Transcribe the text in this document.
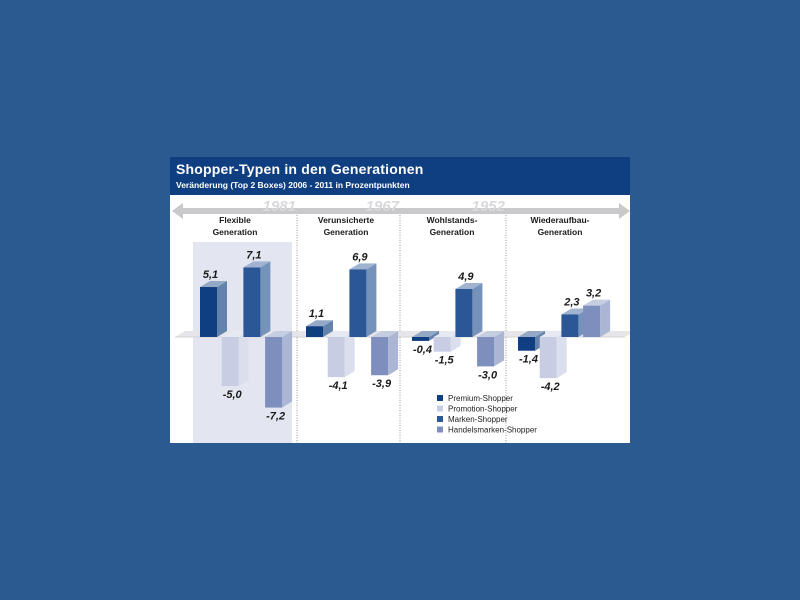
Shopper-Typen in den Generationen
Veränderung (Top 2 Boxes) 2006 - 2011 in Prozentpunkten
1981	1967	1952
Flexible
Generation
Verunsicherte
Generation
Wohlstands-
Generation
Wiederaufbau-
Generation
5,1
1,1
-0,4
-1,4
-5,0
-4,1
-1,5
-4,2
7,1	6,9
4,9
2,3
-7,2
-3,9
-3,0
3,2
Premium-Shopper
Promotion-Shopper
Marken-Shopper
Handelsmarken-Shopper
